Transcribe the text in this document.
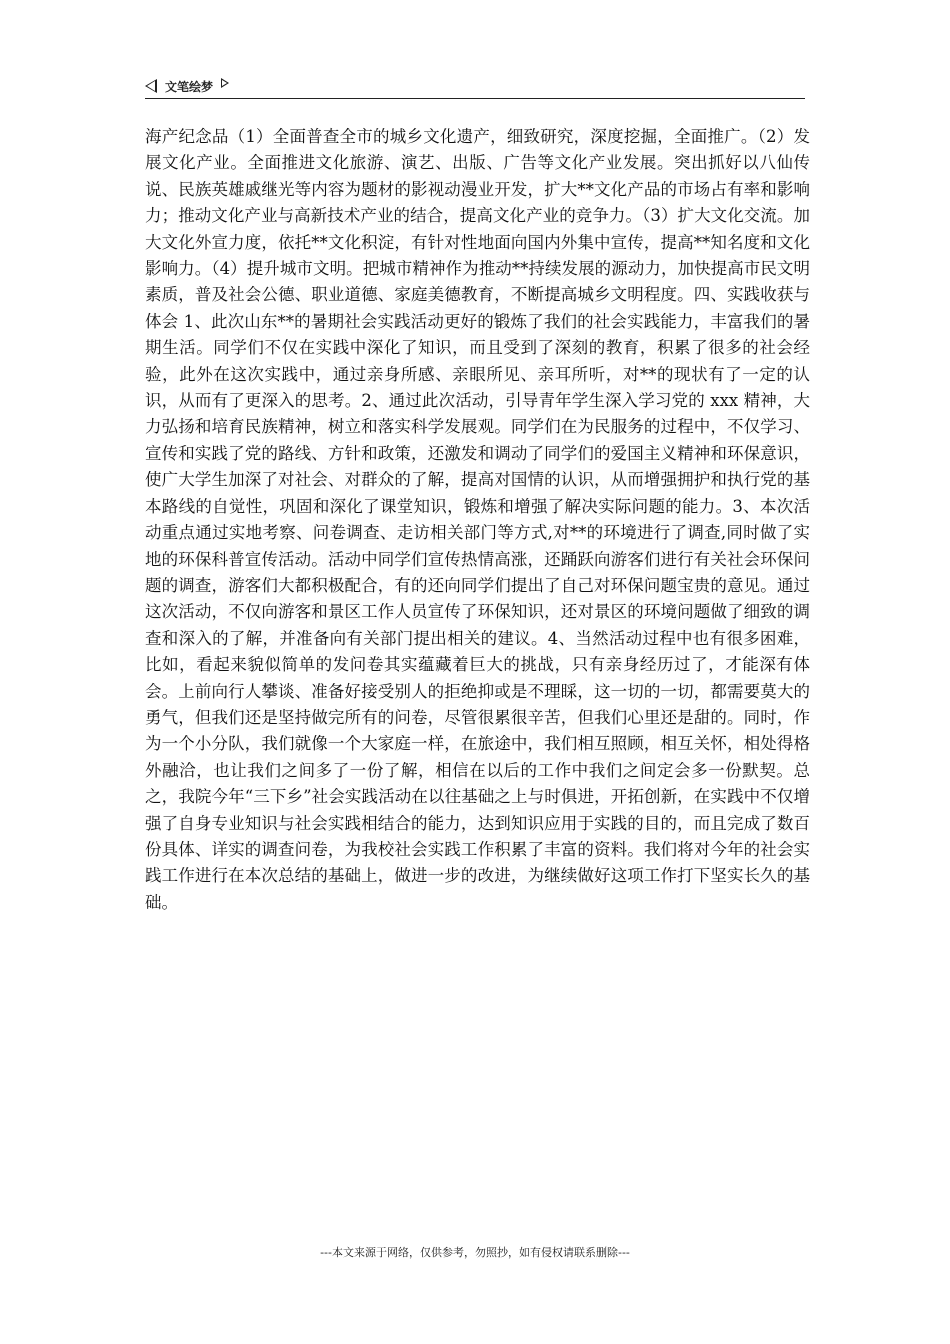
文笔绘梦

海产纪念品（1）全面普查全市的城乡文化遗产，细致研究，深度挖掘，全面推广。（2）发展文化产业。全面推进文化旅游、演艺、出版、广告等文化产业发展。突出抓好以八仙传说、民族英雄戚继光等内容为题材的影视动漫业开发，扩大**文化产品的市场占有率和影响力；推动文化产业与高新技术产业的结合，提高文化产业的竞争力。（3）扩大文化交流。加大文化外宣力度，依托**文化积淀，有针对性地面向国内外集中宣传，提高**知名度和文化影响力。（4）提升城市文明。把城市精神作为推动**持续发展的源动力，加快提高市民文明素质，普及社会公德、职业道德、家庭美德教育，不断提高城乡文明程度。四、实践收获与体会 1、此次山东**的暑期社会实践活动更好的锻炼了我们的社会实践能力，丰富我们的暑期生活。同学们不仅在实践中深化了知识，而且受到了深刻的教育，积累了很多的社会经验，此外在这次实践中，通过亲身所感、亲眼所见、亲耳所听，对**的现状有了一定的认识，从而有了更深入的思考。2、通过此次活动，引导青年学生深入学习党的 xxx 精神，大力弘扬和培育民族精神，树立和落实科学发展观。同学们在为民服务的过程中，不仅学习、宣传和实践了党的路线、方针和政策，还激发和调动了同学们的爱国主义精神和环保意识，使广大学生加深了对社会、对群众的了解，提高对国情的认识，从而增强拥护和执行党的基本路线的自觉性，巩固和深化了课堂知识，锻炼和增强了解决实际问题的能力。3、本次活动重点通过实地考察、问卷调查、走访相关部门等方式,对**的环境进行了调查,同时做了实地的环保科普宣传活动。活动中同学们宣传热情高涨，还踊跃向游客们进行有关社会环保问题的调查，游客们大都积极配合，有的还向同学们提出了自己对环保问题宝贵的意见。通过这次活动，不仅向游客和景区工作人员宣传了环保知识，还对景区的环境问题做了细致的调查和深入的了解，并准备向有关部门提出相关的建议。4、当然活动过程中也有很多困难，比如，看起来貌似简单的发问卷其实蕴藏着巨大的挑战，只有亲身经历过了，才能深有体会。上前向行人攀谈、准备好接受别人的拒绝抑或是不理睬，这一切的一切，都需要莫大的勇气，但我们还是坚持做完所有的问卷，尽管很累很辛苦，但我们心里还是甜的。同时，作为一个小分队，我们就像一个大家庭一样，在旅途中，我们相互照顾，相互关怀，相处得格外融洽，也让我们之间多了一份了解，相信在以后的工作中我们之间定会多一份默契。总之，我院今年“三下乡”社会实践活动在以往基础之上与时俱进，开拓创新，在实践中不仅增强了自身专业知识与社会实践相结合的能力，达到知识应用于实践的目的，而且完成了数百份具体、详实的调查问卷，为我校社会实践工作积累了丰富的资料。我们将对今年的社会实践工作进行在本次总结的基础上，做进一步的改进，为继续做好这项工作打下坚实长久的基础。

---本文来源于网络，仅供参考，勿照抄，如有侵权请联系删除---
